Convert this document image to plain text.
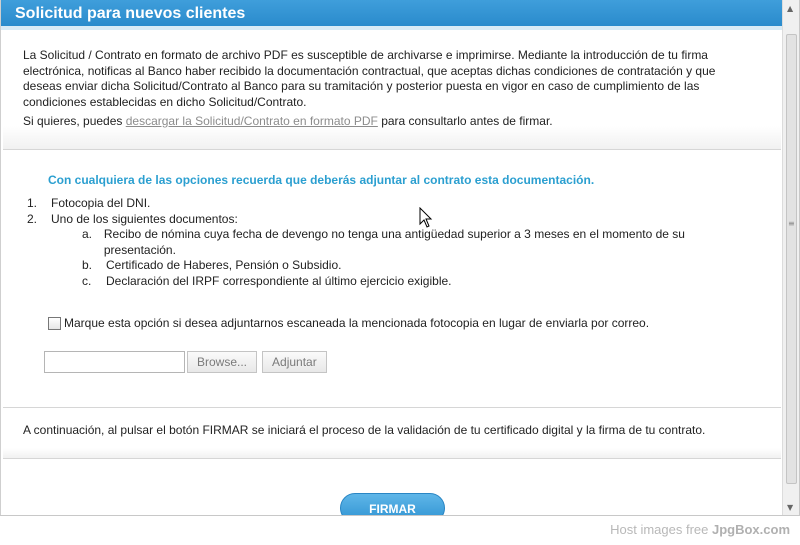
Solicitud para nuevos clientes

La Solicitud / Contrato en formato de archivo PDF es susceptible de archivarse e imprimirse. Mediante la introducción de tu firma electrónica, notificas al Banco haber recibido la documentación contractual, que aceptas dichas condiciones de contratación y que deseas enviar dicha Solicitud/Contrato al Banco para su tramitación y posterior puesta en vigor en caso de cumplimiento de las condiciones establecidas en dicho Solicitud/Contrato.

Si quieres, puedes descargar la Solicitud/Contrato en formato PDF para consultarlo antes de firmar.

Con cualquiera de las opciones recuerda que deberás adjuntar al contrato esta documentación.
1.	Fotocopia del DNI.
2.	Uno de los siguientes documentos:
a. Recibo de nómina cuya fecha de devengo no tenga una antigüedad superior a 3 meses en el momento de su presentación.
b.	Certificado de Haberes, Pensión o Subsidio.
c.	Declaración del IRPF correspondiente al último ejercicio exigible.
Marque esta opción si desea adjuntarnos escaneada la mencionada fotocopia en lugar de enviarla por correo.
Browse...	Adjuntar

A continuación, al pulsar el botón FIRMAR se iniciará el proceso de la validación de tu certificado digital y la firma de tu contrato.

FIRMAR
▲
≡
▼
Host images free JpgBox.com
